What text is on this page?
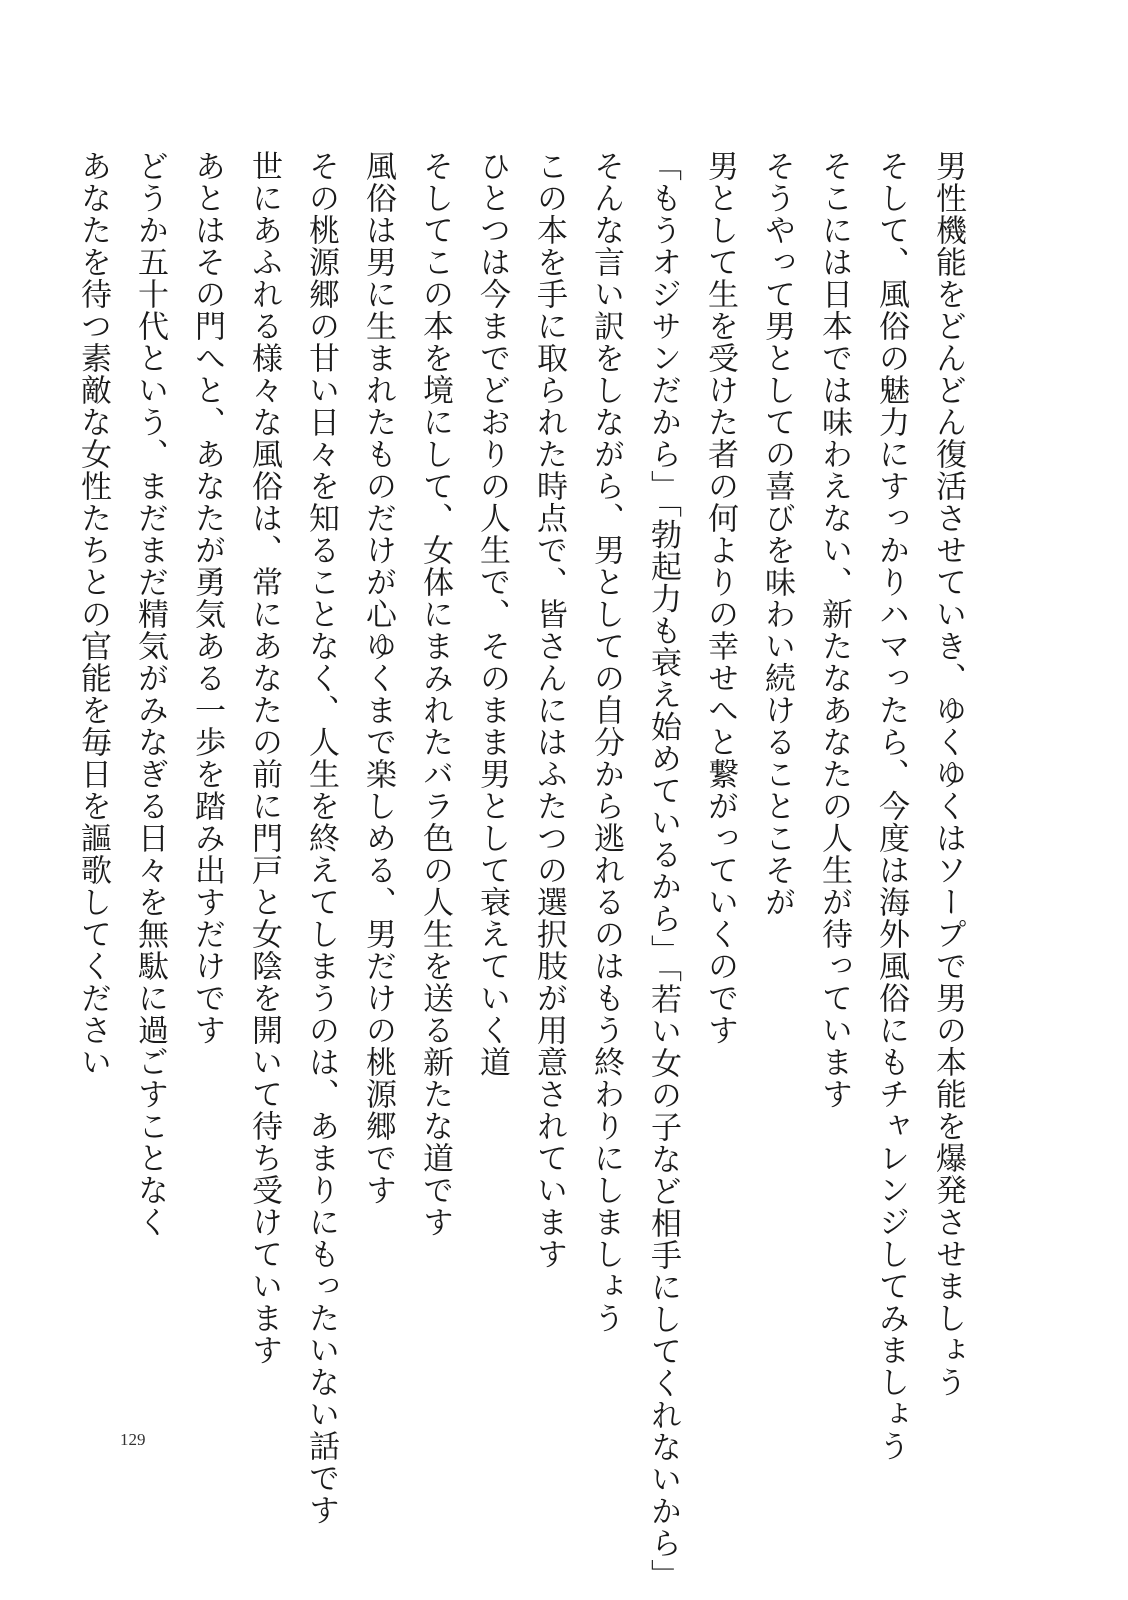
男性機能をどんどん復活させていき、ゆくゆくはソープで男の本能を爆発させましょう
そして、風俗の魅力にすっかりハマったら、今度は海外風俗にもチャレンジしてみましょう
そこには日本では味わえない、新たなあなたの人生が待っています
そうやって男としての喜びを味わい続けることこそが
男として生を受けた者の何よりの幸せへと繋がっていくのです
「もうオジサンだから」「勃起力も衰え始めているから」「若い女の子など相手にしてくれないから」
そんな言い訳をしながら、男としての自分から逃れるのはもう終わりにしましょう
この本を手に取られた時点で、皆さんにはふたつの選択肢が用意されています
ひとつは今までどおりの人生で、そのまま男として衰えていく道
そしてこの本を境にして、女体にまみれたバラ色の人生を送る新たな道です
風俗は男に生まれたものだけが心ゆくまで楽しめる、男だけの桃源郷です
その桃源郷の甘い日々を知ることなく、人生を終えてしまうのは、あまりにもったいない話です
世にあふれる様々な風俗は、常にあなたの前に門戸と女陰を開いて待ち受けています
あとはその門へと、あなたが勇気ある一歩を踏み出すだけです
どうか五十代という、まだまだ精気がみなぎる日々を無駄に過ごすことなく
あなたを待つ素敵な女性たちとの官能を毎日を謳歌してください
129
